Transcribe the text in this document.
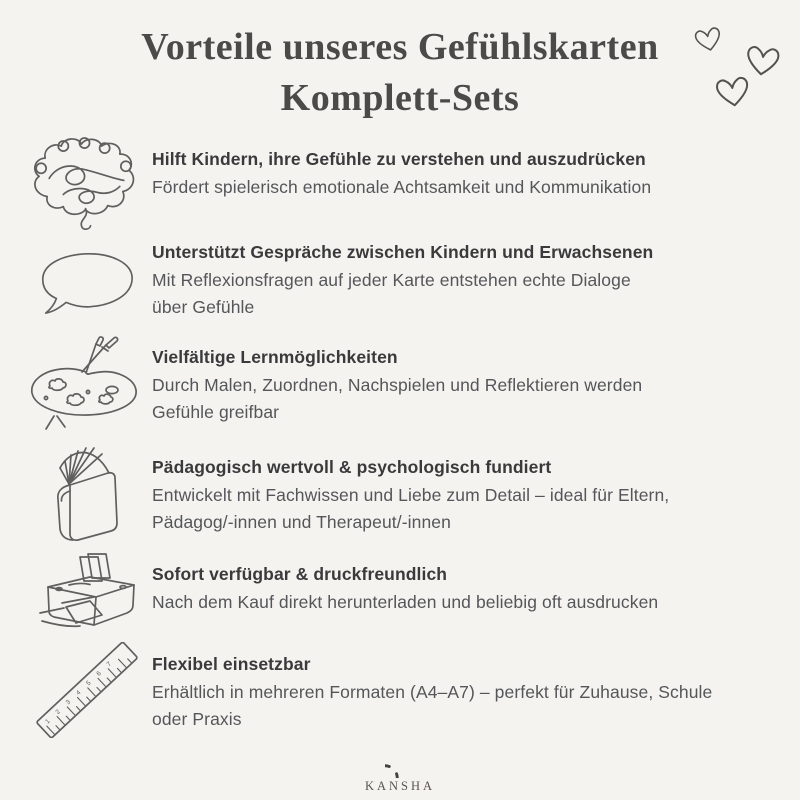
Vorteile unseres Gefühlskarten
Komplett-Sets
Hilft Kindern, ihre Gefühle zu verstehen und auszudrücken
Fördert spielerisch emotionale Achtsamkeit und Kommunikation
Unterstützt Gespräche zwischen Kindern und Erwachsenen
Mit Reflexionsfragen auf jeder Karte entstehen echte Dialoge
über Gefühle
Vielfältige Lernmöglichkeiten
Durch Malen, Zuordnen, Nachspielen und Reflektieren werden
Gefühle greifbar
Pädagogisch wertvoll & psychologisch fundiert
Entwickelt mit Fachwissen und Liebe zum Detail – ideal für Eltern,
Pädagog/-innen und Therapeut/-innen
Sofort verfügbar & druckfreundlich
Nach dem Kauf direkt herunterladen und beliebig oft ausdrucken
1
2
3
4
5
6
7 Flexibel einsetzbar
Erhältlich in mehreren Formaten (A4–A7) – perfekt für Zuhause, Schule
oder Praxis
KANSHA
